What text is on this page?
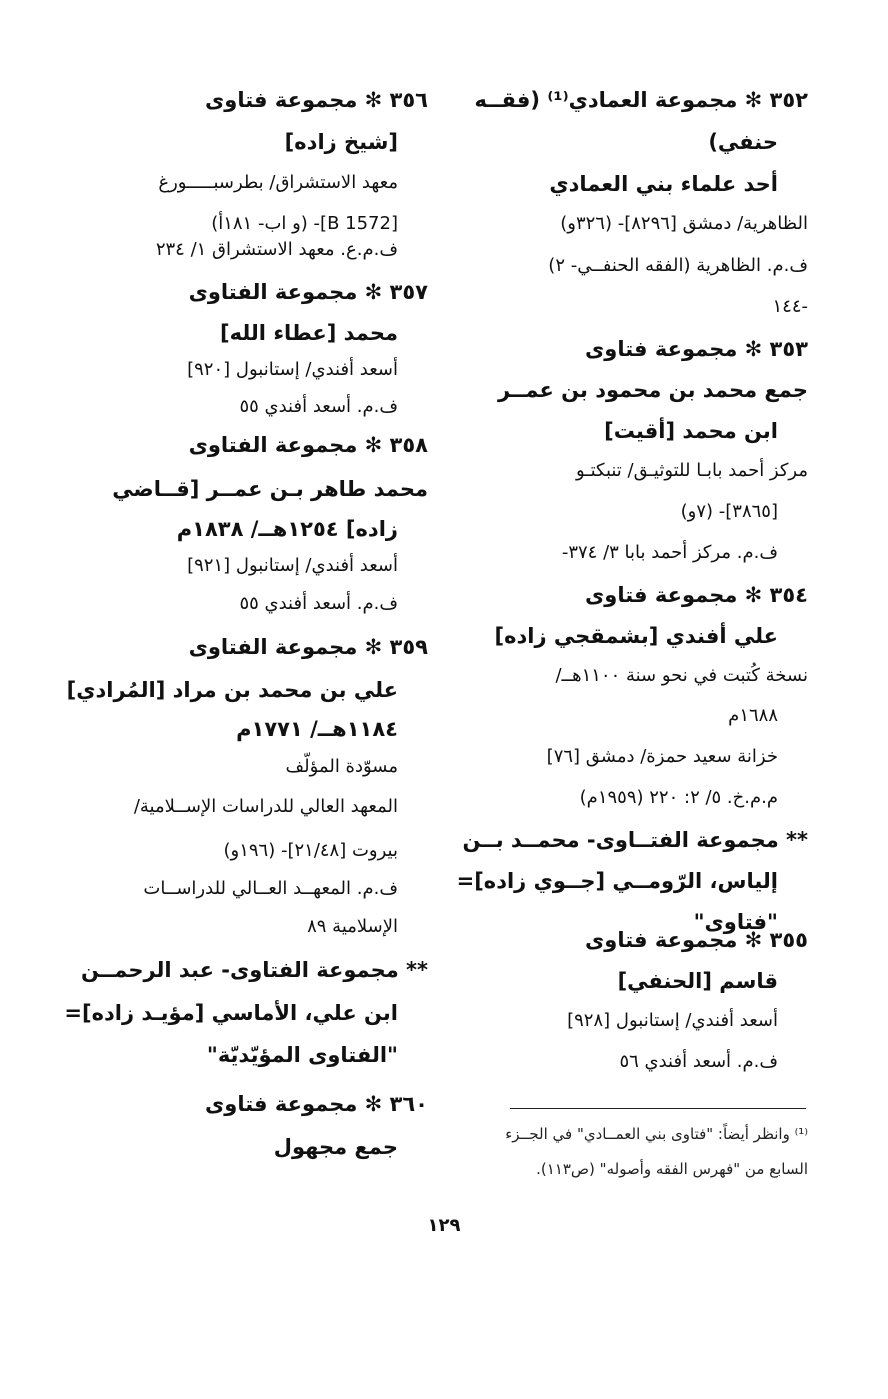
٣٥٢ ✻ مجموعة العمادي⁽¹⁾ (فقــه
حنفي)
أحد علماء بني العمادي
الظاهرية/ دمشق [٨٢٩٦]- (٣٢٦و)
ف.م. الظاهرية (الفقه الحنفــي- ٢)
-١٤٤
٣٥٣ ✻ مجموعة فتاوى
جمع محمد بن محمود بن عمــر
ابن محمد [أقيت]
مركز أحمد بابـا للتوثيـق/ تنبكتـو
[٣٨٦٥]- (٧و)
ف.م. مركز أحمد بابا ٣/ ٣٧٤-
٣٥٤ ✻ مجموعة فتاوى
علي أفندي [بشمقجي زاده]
نسخة كُتبت في نحو سنة ١١٠٠هــ/
١٦٨٨م
خزانة سعيد حمزة/ دمشق [٧٦]
م.م.خ. ٥/ ٢: ٢٢٠ (١٩٥٩م)
** مجموعة الفتــاوى- محمــد بــن
إلياس، الرّومــي [جــوي زاده]=
"فتاوى"
٣٥٥ ✻ مجموعة فتاوى
قاسم [الحنفي]
أسعد أفندي/ إستانبول [٩٢٨]
ف.م. أسعد أفندي ٥٦
٣٥٦ ✻ مجموعة فتاوى
[شيخ زاده]
معهد الاستشراق/ بطرسبـــــورغ
[B 1572]- (و اب- ١٨١أ)
ف.م.ع. معهد الاستشراق ١/ ٢٣٤
٣٥٧ ✻ مجموعة الفتاوى
محمد [عطاء الله]
أسعد أفندي/ إستانبول [٩٢٠]
ف.م. أسعد أفندي ٥٥
٣٥٨ ✻ مجموعة الفتاوى
محمد طاهر بـن عمــر [قــاضي
زاده] ١٢٥٤هــ/ ١٨٣٨م
أسعد أفندي/ إستانبول [٩٢١]
ف.م. أسعد أفندي ٥٥
٣٥٩ ✻ مجموعة الفتاوى
علي بن محمد بن مراد [المُرادي]
١١٨٤هــ/ ١٧٧١م
مسوّدة المؤلّف
المعهد العالي للدراسات الإســلامية/
بيروت [٢١/٤٨]- (١٩٦و)
ف.م. المعهــد العــالي للدراســات
الإسلامية ٨٩
** مجموعة الفتاوى- عبد الرحمــن
ابن علي، الأماسي [مؤيـد زاده]=
"الفتاوى المؤيّديّة"
٣٦٠ ✻ مجموعة فتاوى
جمع مجهول
⁽¹⁾ وانظر أيضاً: "فتاوى بني العمــادي" في الجــزء
السابع من "فهرس الفقه وأصوله" (ص١١٣).
١٢٩
